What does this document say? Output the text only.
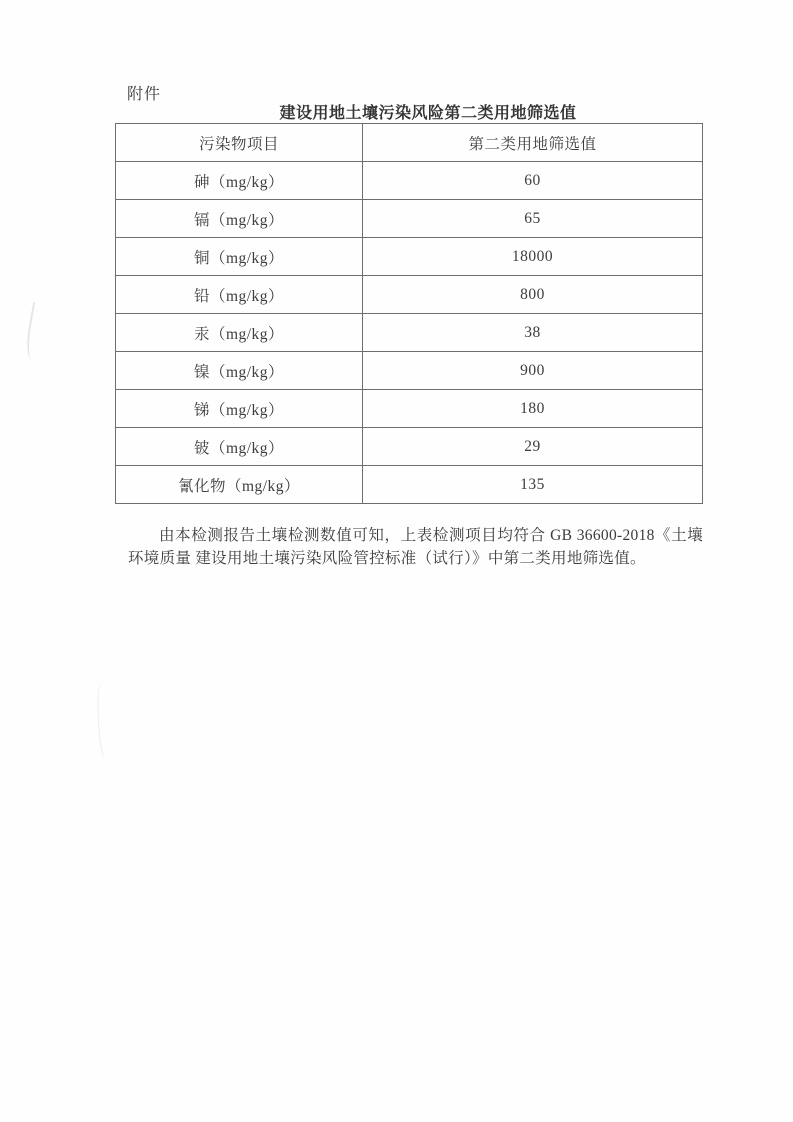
附件
建设用地土壤污染风险第二类用地筛选值
污染物项目	第二类用地筛选值
砷（mg/kg）	60
镉（mg/kg）	65
铜（mg/kg）	18000
铅（mg/kg）	800
汞（mg/kg）	38
镍（mg/kg）	900
锑（mg/kg）	180
铍（mg/kg）	29
氰化物（mg/kg）	135

由本检测报告土壤检测数值可知，上表检测项目均符合 GB 36600-2018《土壤环境质量 建设用地土壤污染风险管控标准（试行）》中第二类用地筛选值。
